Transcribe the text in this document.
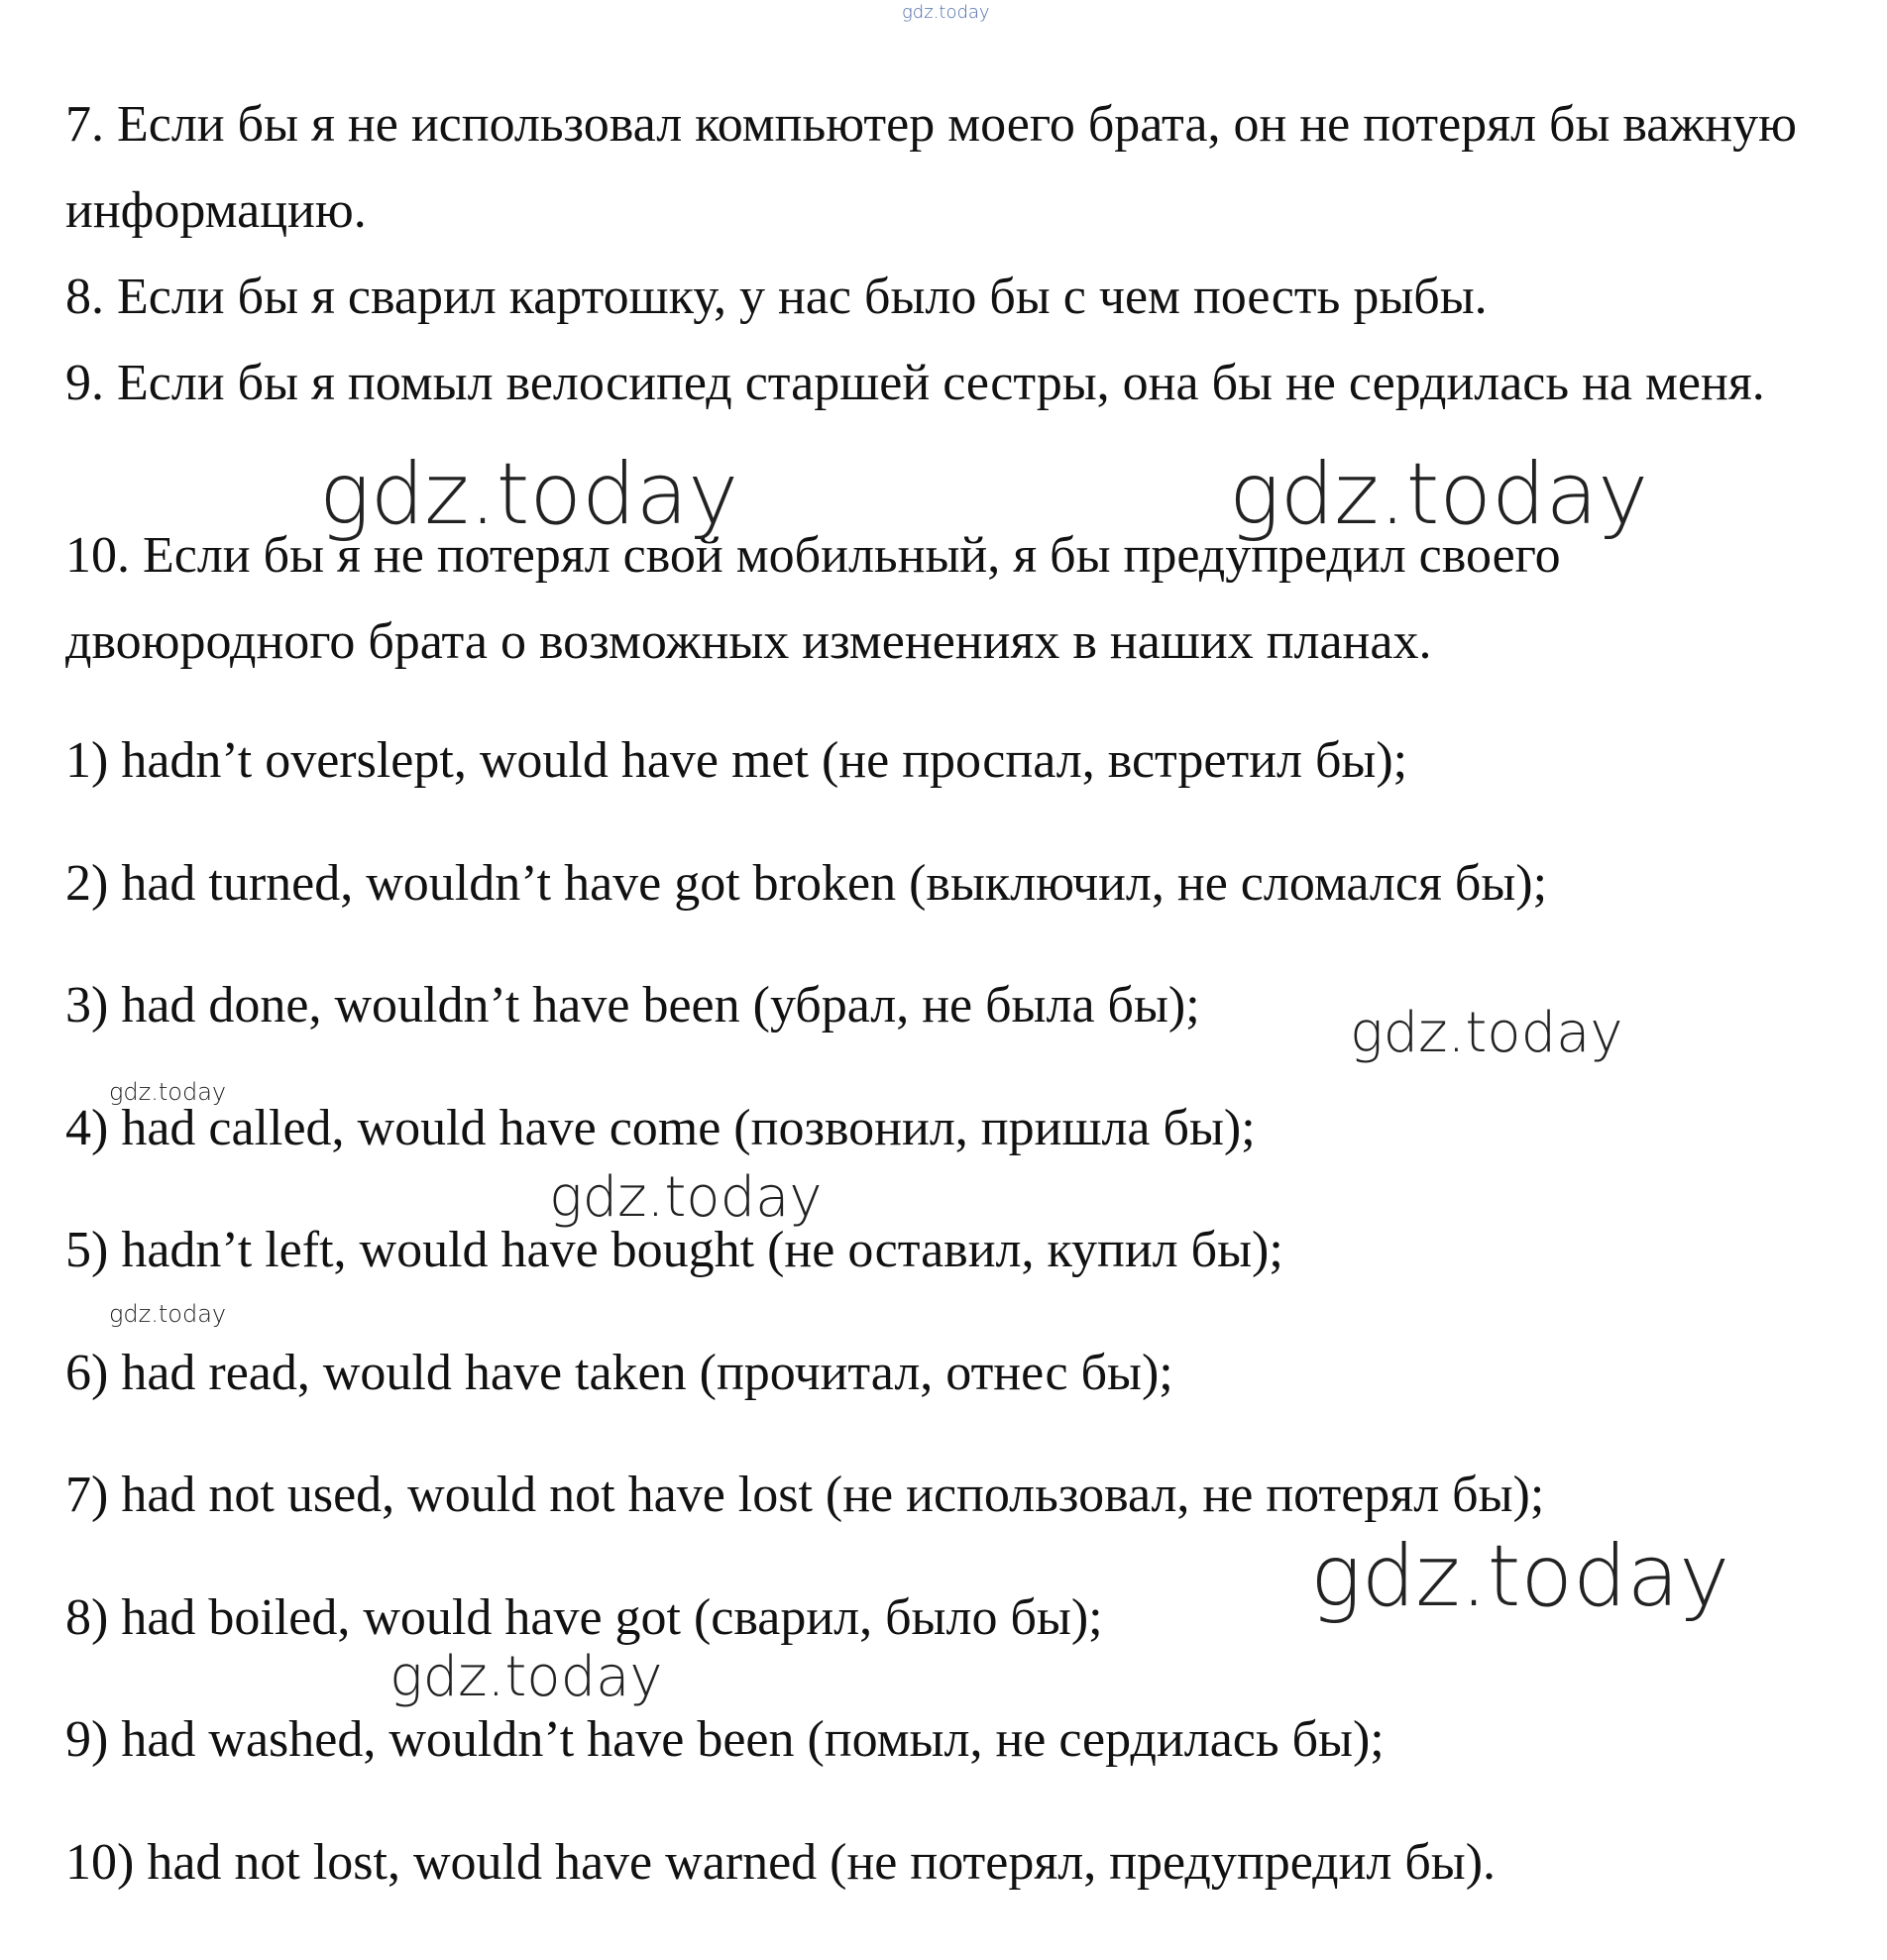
gdz.today

7. Если бы я не использовал компьютер моего брата, он не потерял бы важную информацию.

8. Если бы я сварил картошку, у нас было бы с чем поесть рыбы.

9. Если бы я помыл велосипед старшей сестры, она бы не сердилась на меня.

10. Если бы я не потерял свой мобильный, я бы предупредил своего двоюродного брата о возможных изменениях в наших планах.

1) hadn’t overslept, would have met (не проспал, встретил бы);

2) had turned, wouldn’t have got broken (выключил, не сломался бы);

3) had done, wouldn’t have been (убрал, не была бы);

4) had called, would have come (позвонил, пришла бы);

5) hadn’t left, would have bought (не оставил, купил бы);

6) had read, would have taken (прочитал, отнес бы);

7) had not used, would not have lost (не использовал, не потерял бы);

8) had boiled, would have got (сварил, было бы);

9) had washed, wouldn’t have been (помыл, не сердилась бы);

10) had not lost, would have warned (не потерял, предупредил бы).

gdz.today	gdz.today
gdz.today
gdz.today
gdz.today
gdz.today
gdz.today
gdz.today
